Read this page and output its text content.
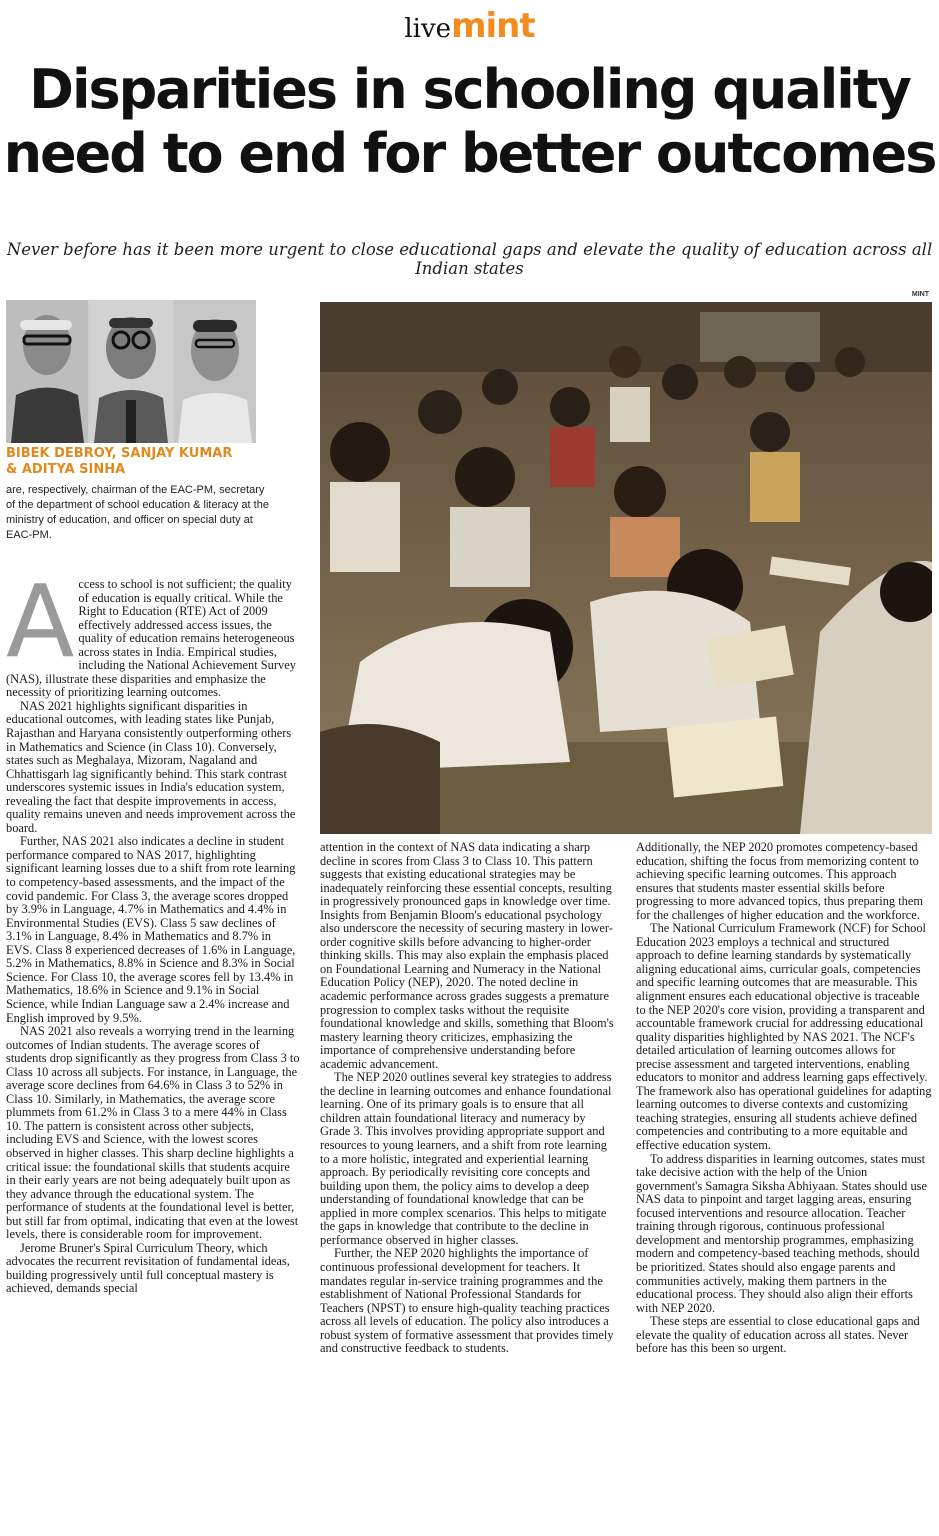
livemint
Disparities in schooling quality
need to end for better outcomes
Never before has it been more urgent to close educational gaps and elevate the quality of education across all Indian states
MINT
BIBEK DEBROY, SANJAY KUMAR
& ADITYA SINHA
are, respectively, chairman of the EAC-PM, secretary of the department of school education & literacy at the ministry of education, and officer on special duty at EAC-PM.
A ccess to school is not sufficient; the quality of education is equally critical. While the Right to Education (RTE) Act of 2009 effectively addressed access issues, the quality of education remains heterogeneous across states in India. Empirical studies, including the National Achievement Survey (NAS), illustrate these disparities and emphasize the necessity of prioritizing learning outcomes.

NAS 2021 highlights significant disparities in educational outcomes, with leading states like Punjab, Rajasthan and Haryana consistently outperforming others in Mathematics and Science (in Class 10). Conversely, states such as Meghalaya, Mizoram, Nagaland and Chhattisgarh lag significantly behind. This stark contrast underscores systemic issues in India's education system, revealing the fact that despite improvements in access, quality remains uneven and needs improvement across the board.

Further, NAS 2021 also indicates a decline in student performance compared to NAS 2017, highlighting significant learning losses due to a shift from rote learning to competency-based assessments, and the impact of the covid pandemic. For Class 3, the average scores dropped by 3.9% in Language, 4.7% in Mathematics and 4.4% in Environmental Studies (EVS). Class 5 saw declines of 3.1% in Language, 8.4% in Mathematics and 8.7% in EVS. Class 8 experienced decreases of 1.6% in Language, 5.2% in Mathematics, 8.8% in Science and 8.3% in Social Science. For Class 10, the average scores fell by 13.4% in Mathematics, 18.6% in Science and 9.1% in Social Science, while Indian Language saw a 2.4% increase and English improved by 9.5%.

NAS 2021 also reveals a worrying trend in the learning outcomes of Indian students. The average scores of students drop significantly as they progress from Class 3 to Class 10 across all subjects. For instance, in Language, the average score declines from 64.6% in Class 3 to 52% in Class 10. Similarly, in Mathematics, the average score plummets from 61.2% in Class 3 to a mere 44% in Class 10. The pattern is consistent across other subjects, including EVS and Science, with the lowest scores observed in higher classes. This sharp decline highlights a critical issue: the foundational skills that students acquire in their early years are not being adequately built upon as they advance through the educational system. The performance of students at the foundational level is better, but still far from optimal, indicating that even at the lowest levels, there is considerable room for improvement.

Jerome Bruner's Spiral Curriculum Theory, which advocates the recurrent revisitation of fundamental ideas, building progressively until full conceptual mastery is achieved, demands special

attention in the context of NAS data indicating a sharp decline in scores from Class 3 to Class 10. This pattern suggests that existing educational strategies may be inadequately reinforcing these essential concepts, resulting in progressively pronounced gaps in knowledge over time. Insights from Benjamin Bloom's educational psychology also underscore the necessity of securing mastery in lower-order cognitive skills before advancing to higher-order thinking skills. This may also explain the emphasis placed on Foundational Learning and Numeracy in the National Education Policy (NEP), 2020. The noted decline in academic performance across grades suggests a premature progression to complex tasks without the requisite foundational knowledge and skills, something that Bloom's mastery learning theory criticizes, emphasizing the importance of comprehensive understanding before academic advancement.

The NEP 2020 outlines several key strategies to address the decline in learning outcomes and enhance foundational learning. One of its primary goals is to ensure that all children attain foundational literacy and numeracy by Grade 3. This involves providing appropriate support and resources to young learners, and a shift from rote learning to a more holistic, integrated and experiential learning approach. By periodically revisiting core concepts and building upon them, the policy aims to develop a deep understanding of foundational knowledge that can be applied in more complex scenarios. This helps to mitigate the gaps in knowledge that contribute to the decline in performance observed in higher classes.

Further, the NEP 2020 highlights the importance of continuous professional development for teachers. It mandates regular in-service training programmes and the establishment of National Professional Standards for Teachers (NPST) to ensure high-quality teaching practices across all levels of education. The policy also introduces a robust system of formative assessment that provides timely and constructive feedback to students.

Additionally, the NEP 2020 promotes competency-based education, shifting the focus from memorizing content to achieving specific learning outcomes. This approach ensures that students master essential skills before progressing to more advanced topics, thus preparing them for the challenges of higher education and the workforce.

The National Curriculum Framework (NCF) for School Education 2023 employs a technical and structured approach to define learning standards by systematically aligning educational aims, curricular goals, competencies and specific learning outcomes that are measurable. This alignment ensures each educational objective is traceable to the NEP 2020's core vision, providing a transparent and accountable framework crucial for addressing educational quality disparities highlighted by NAS 2021. The NCF's detailed articulation of learning outcomes allows for precise assessment and targeted interventions, enabling educators to monitor and address learning gaps effectively. The framework also has operational guidelines for adapting learning outcomes to diverse contexts and customizing teaching strategies, ensuring all students achieve defined competencies and contributing to a more equitable and effective education system.

To address disparities in learning outcomes, states must take decisive action with the help of the Union government's Samagra Siksha Abhiyaan. States should use NAS data to pinpoint and target lagging areas, ensuring focused interventions and resource allocation. Teacher training through rigorous, continuous professional development and mentorship programmes, emphasizing modern and competency-based teaching methods, should be prioritized. States should also engage parents and communities actively, making them partners in the educational process. They should also align their efforts with NEP 2020.

These steps are essential to close educational gaps and elevate the quality of education across all states. Never before has this been so urgent.
